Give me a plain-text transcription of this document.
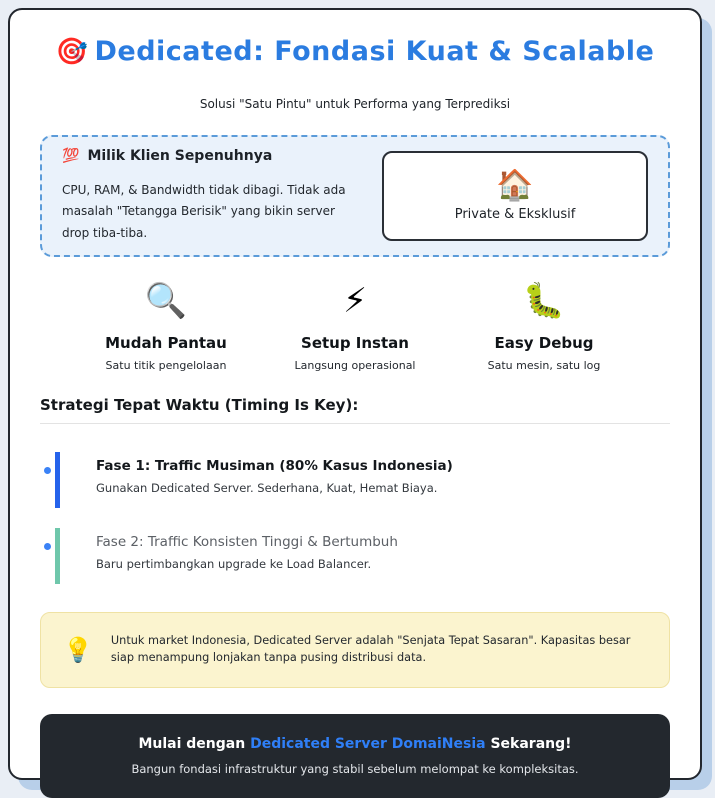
🎯 Dedicated: Fondasi Kuat & Scalable
Solusi "Satu Pintu" untuk Performa yang Terprediksi
💯 Milik Klien Sepenuhnya
CPU, RAM, & Bandwidth tidak dibagi. Tidak ada masalah "Tetangga Berisik" yang bikin server drop tiba-tiba.
🏠
Private & Eksklusif
🔍
Mudah Pantau
Satu titik pengelolaan
⚡
Setup Instan
Langsung operasional
🐛
Easy Debug
Satu mesin, satu log
Strategi Tepat Waktu (Timing Is Key):
Fase 1: Traffic Musiman (80% Kasus Indonesia)
Gunakan Dedicated Server. Sederhana, Kuat, Hemat Biaya.
Fase 2: Traffic Konsisten Tinggi & Bertumbuh
Baru pertimbangkan upgrade ke Load Balancer.
💡 Untuk market Indonesia, Dedicated Server adalah "Senjata Tepat Sasaran". Kapasitas besar siap menampung lonjakan tanpa pusing distribusi data.
Mulai dengan Dedicated Server DomaiNesia Sekarang!
Bangun fondasi infrastruktur yang stabil sebelum melompat ke kompleksitas.
